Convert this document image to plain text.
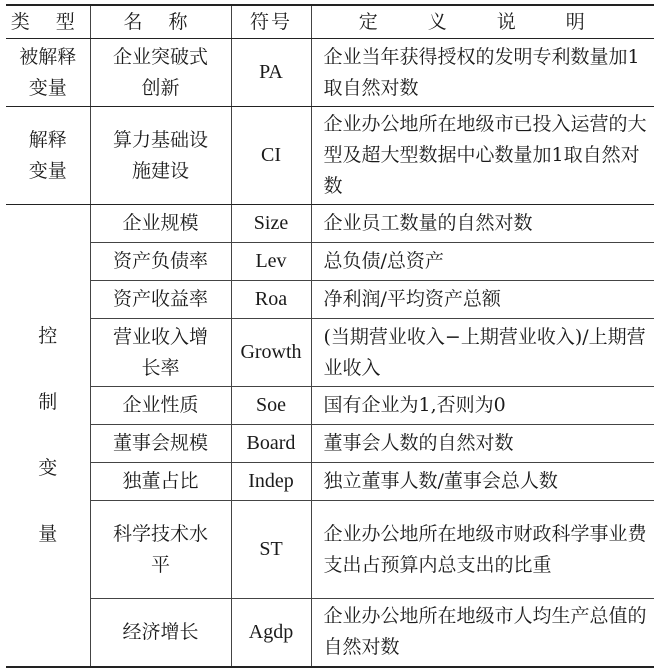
类 型	名 称	符号	定 义 说 明
被解释变量	企业突破式创新	PA	企业当年获得授权的发明专利数量加1取自然对数
解释变量	算力基础设施建设	CI	企业办公地所在地级市已投入运营的大型及超大型数据中心数量加1取自然对数

控
制
变
量	企业规模	Size	企业员工数量的自然对数
	资产负债率	Lev	总负债/总资产
	资产收益率	Roa	净利润/平均资产总额
	营业收入增长率	Growth	(当期营业收入−上期营业收入)/上期营业收入
	企业性质	Soe	国有企业为1,否则为0
	董事会规模	Board	董事会人数的自然对数
	独董占比	Indep	独立董事人数/董事会总人数
	科学技术水平	ST	企业办公地所在地级市财政科学事业费支出占预算内总支出的比重
	经济增长	Agdp	企业办公地所在地级市人均生产总值的自然对数
